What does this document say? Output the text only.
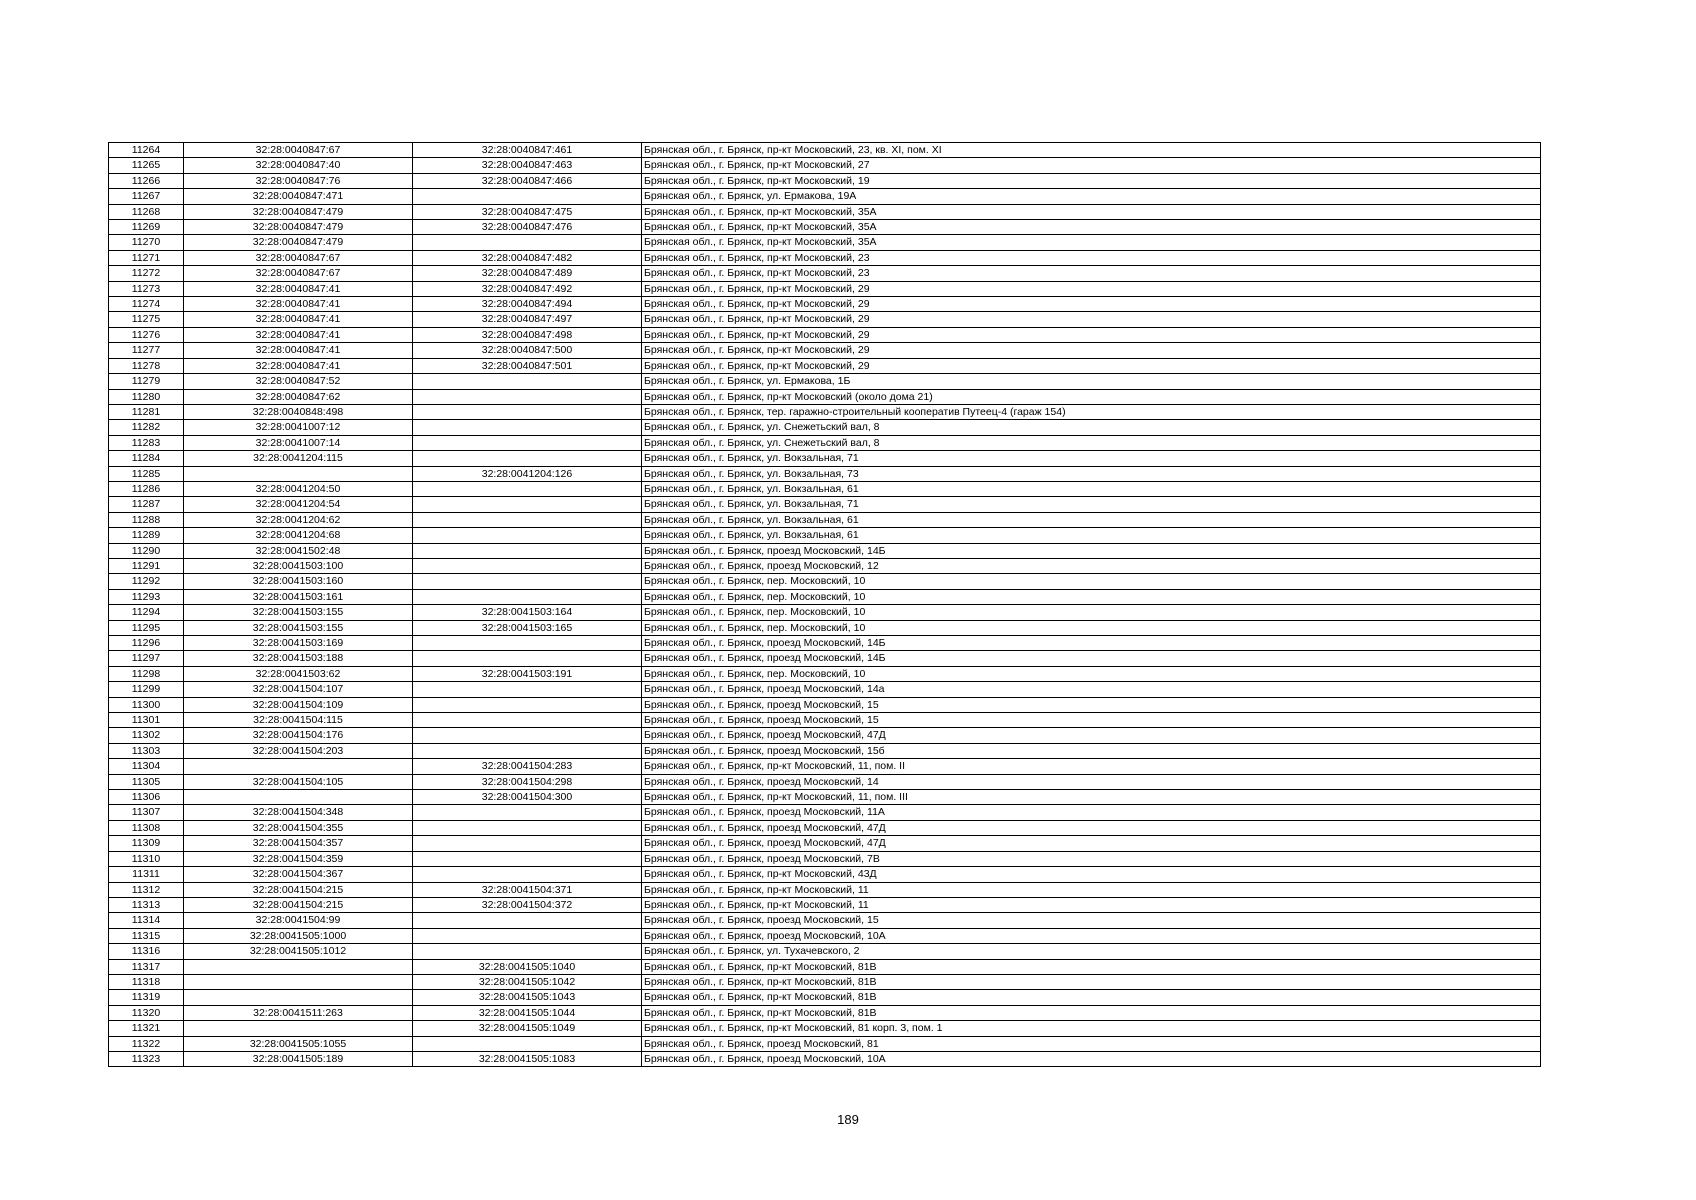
11264	32:28:0040847:67	32:28:0040847:461	Брянская обл., г. Брянск, пр-кт Московский, 23, кв. XI, пом. XI
11265	32:28:0040847:40	32:28:0040847:463	Брянская обл., г. Брянск, пр-кт Московский, 27
11266	32:28:0040847:76	32:28:0040847:466	Брянская обл., г. Брянск, пр-кт Московский, 19
11267	32:28:0040847:471		Брянская обл., г. Брянск, ул. Ермакова, 19А
11268	32:28:0040847:479	32:28:0040847:475	Брянская обл., г. Брянск, пр-кт Московский, 35А
11269	32:28:0040847:479	32:28:0040847:476	Брянская обл., г. Брянск, пр-кт Московский, 35А
11270	32:28:0040847:479		Брянская обл., г. Брянск, пр-кт Московский, 35А
11271	32:28:0040847:67	32:28:0040847:482	Брянская обл., г. Брянск, пр-кт Московский, 23
11272	32:28:0040847:67	32:28:0040847:489	Брянская обл., г. Брянск, пр-кт Московский, 23
11273	32:28:0040847:41	32:28:0040847:492	Брянская обл., г. Брянск, пр-кт Московский, 29
11274	32:28:0040847:41	32:28:0040847:494	Брянская обл., г. Брянск, пр-кт Московский, 29
11275	32:28:0040847:41	32:28:0040847:497	Брянская обл., г. Брянск, пр-кт Московский, 29
11276	32:28:0040847:41	32:28:0040847:498	Брянская обл., г. Брянск, пр-кт Московский, 29
11277	32:28:0040847:41	32:28:0040847:500	Брянская обл., г. Брянск, пр-кт Московский, 29
11278	32:28:0040847:41	32:28:0040847:501	Брянская обл., г. Брянск, пр-кт Московский, 29
11279	32:28:0040847:52		Брянская обл., г. Брянск, ул. Ермакова, 1Б
11280	32:28:0040847:62		Брянская обл., г. Брянск, пр-кт Московский (около дома 21)
11281	32:28:0040848:498		Брянская обл., г. Брянск, тер. гаражно-строительный кооператив Путеец-4 (гараж 154)
11282	32:28:0041007:12		Брянская обл., г. Брянск, ул. Снежетьский вал, 8
11283	32:28:0041007:14		Брянская обл., г. Брянск, ул. Снежетьский вал, 8
11284	32:28:0041204:115		Брянская обл., г. Брянск, ул. Вокзальная, 71
11285		32:28:0041204:126	Брянская обл., г. Брянск, ул. Вокзальная, 73
11286	32:28:0041204:50		Брянская обл., г. Брянск, ул. Вокзальная, 61
11287	32:28:0041204:54		Брянская обл., г. Брянск, ул. Вокзальная, 71
11288	32:28:0041204:62		Брянская обл., г. Брянск, ул. Вокзальная, 61
11289	32:28:0041204:68		Брянская обл., г. Брянск, ул. Вокзальная, 61
11290	32:28:0041502:48		Брянская обл., г. Брянск, проезд Московский, 14Б
11291	32:28:0041503:100		Брянская обл., г. Брянск, проезд Московский, 12
11292	32:28:0041503:160		Брянская обл., г. Брянск, пер. Московский, 10
11293	32:28:0041503:161		Брянская обл., г. Брянск, пер. Московский, 10
11294	32:28:0041503:155	32:28:0041503:164	Брянская обл., г. Брянск, пер. Московский, 10
11295	32:28:0041503:155	32:28:0041503:165	Брянская обл., г. Брянск, пер. Московский, 10
11296	32:28:0041503:169		Брянская обл., г. Брянск, проезд Московский, 14Б
11297	32:28:0041503:188		Брянская обл., г. Брянск, проезд Московский, 14Б
11298	32:28:0041503:62	32:28:0041503:191	Брянская обл., г. Брянск, пер. Московский, 10
11299	32:28:0041504:107		Брянская обл., г. Брянск, проезд Московский, 14а
11300	32:28:0041504:109		Брянская обл., г. Брянск, проезд Московский, 15
11301	32:28:0041504:115		Брянская обл., г. Брянск, проезд Московский, 15
11302	32:28:0041504:176		Брянская обл., г. Брянск, проезд Московский, 47Д
11303	32:28:0041504:203		Брянская обл., г. Брянск, проезд Московский, 15б
11304		32:28:0041504:283	Брянская обл., г. Брянск, пр-кт Московский, 11, пом. II
11305	32:28:0041504:105	32:28:0041504:298	Брянская обл., г. Брянск, проезд Московский, 14
11306		32:28:0041504:300	Брянская обл., г. Брянск, пр-кт Московский, 11, пом. III
11307	32:28:0041504:348		Брянская обл., г. Брянск, проезд Московский, 11А
11308	32:28:0041504:355		Брянская обл., г. Брянск, проезд Московский, 47Д
11309	32:28:0041504:357		Брянская обл., г. Брянск, проезд Московский, 47Д
11310	32:28:0041504:359		Брянская обл., г. Брянск, проезд Московский, 7В
11311	32:28:0041504:367		Брянская обл., г. Брянск, пр-кт Московский, 43Д
11312	32:28:0041504:215	32:28:0041504:371	Брянская обл., г. Брянск, пр-кт Московский, 11
11313	32:28:0041504:215	32:28:0041504:372	Брянская обл., г. Брянск, пр-кт Московский, 11
11314	32:28:0041504:99		Брянская обл., г. Брянск, проезд Московский, 15
11315	32:28:0041505:1000		Брянская обл., г. Брянск, проезд Московский, 10А
11316	32:28:0041505:1012		Брянская обл., г. Брянск, ул. Тухачевского, 2
11317		32:28:0041505:1040	Брянская обл., г. Брянск, пр-кт Московский, 81В
11318		32:28:0041505:1042	Брянская обл., г. Брянск, пр-кт Московский, 81В
11319		32:28:0041505:1043	Брянская обл., г. Брянск, пр-кт Московский, 81В
11320	32:28:0041511:263	32:28:0041505:1044	Брянская обл., г. Брянск, пр-кт Московский, 81В
11321		32:28:0041505:1049	Брянская обл., г. Брянск, пр-кт Московский, 81 корп. 3, пом. 1
11322	32:28:0041505:1055		Брянская обл., г. Брянск, проезд Московский, 81
11323	32:28:0041505:189	32:28:0041505:1083	Брянская обл., г. Брянск, проезд Московский, 10А
189
